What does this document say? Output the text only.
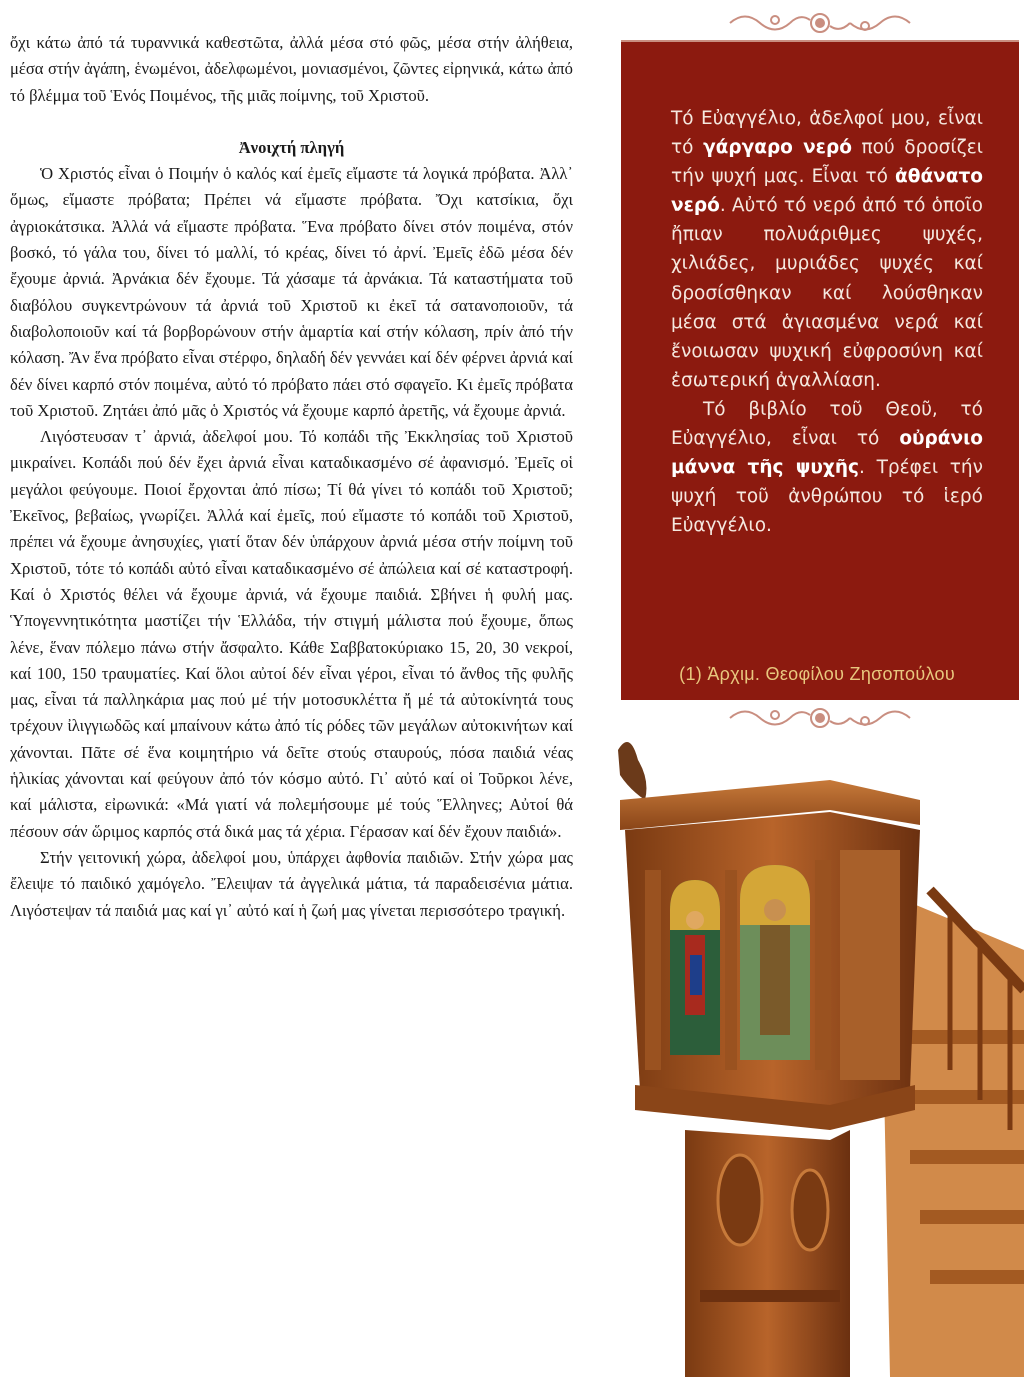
ὄχι κάτω ἀπό τά τυραννικά καθεστῶτα, ἀλλά μέσα στό φῶς, μέσα στήν ἀλήθεια, μέσα στήν ἀγάπη, ἑνωμένοι, ἀδελφωμένοι, μονιασμένοι, ζῶντες εἰρηνικά, κάτω ἀπό τό βλέμμα τοῦ Ἑνός Ποιμένος, τῆς μιᾶς ποίμνης, τοῦ Χριστοῦ.

Ἀνοιχτή πληγή

Ὁ Χριστός εἶναι ὁ Ποιμήν ὁ καλός καί ἐμεῖς εἴμαστε τά λογικά πρόβατα. Ἀλλ᾿ ὅμως, εἴμαστε πρόβατα; Πρέπει νά εἴμαστε πρόβατα. Ὄχι κατσίκια, ὄχι ἀγριοκάτσικα. Ἀλλά νά εἴμαστε πρόβατα. Ἕνα πρόβατο δίνει στόν ποιμένα, στόν βοσκό, τό γάλα του, δίνει τό μαλλί, τό κρέας, δίνει τό ἀρνί. Ἐμεῖς ἐδῶ μέσα δέν ἔχουμε ἀρνιά. Ἀρνάκια δέν ἔχουμε. Τά χάσαμε τά ἀρνάκια. Τά καταστήματα τοῦ διαβόλου συγκεντρώνουν τά ἀρνιά τοῦ Χριστοῦ κι ἐκεῖ τά σατανοποιοῦν, τά διαβολοποιοῦν καί τά βορβορώνουν στήν ἁμαρτία καί στήν κόλαση, πρίν ἀπό τήν κόλαση. Ἄν ἕνα πρόβατο εἶναι στέρφο, δηλαδή δέν γεννάει καί δέν φέρνει ἀρνιά καί δέν δίνει καρπό στόν ποιμένα, αὐτό τό πρόβατο πάει στό σφαγεῖο. Κι ἐμεῖς πρόβατα τοῦ Χριστοῦ. Ζητάει ἀπό μᾶς ὁ Χριστός νά ἔχουμε καρπό ἀρετῆς, νά ἔχουμε ἀρνιά.

Λιγόστευσαν τ᾿ ἀρνιά, ἀδελφοί μου. Τό κοπάδι τῆς Ἐκκλησίας τοῦ Χριστοῦ μικραίνει. Κοπάδι πού δέν ἔχει ἀρνιά εἶναι καταδικασμένο σέ ἀφανισμό. Ἐμεῖς οἱ μεγάλοι φεύγουμε. Ποιοί ἔρχονται ἀπό πίσω; Τί θά γίνει τό κοπάδι τοῦ Χριστοῦ; Ἐκεῖνος, βεβαίως, γνωρίζει. Ἀλλά καί ἐμεῖς, πού εἴμαστε τό κοπάδι τοῦ Χριστοῦ, πρέπει νά ἔχουμε ἀνησυχίες, γιατί ὅταν δέν ὑπάρχουν ἀρνιά μέσα στήν ποίμνη τοῦ Χριστοῦ, τότε τό κοπάδι αὐτό εἶναι καταδικασμένο σέ ἀπώλεια καί σέ καταστροφή. Καί ὁ Χριστός θέλει νά ἔχουμε ἀρνιά, νά ἔχουμε παιδιά. Σβήνει ἡ φυλή μας. Ὑπογεννητικότητα μαστίζει τήν Ἑλλάδα, τήν στιγμή μάλιστα πού ἔχουμε, ὅπως λένε, ἕναν πόλεμο πάνω στήν ἄσφαλτο. Κάθε Σαββατοκύριακο 15, 20, 30 νεκροί, καί 100, 150 τραυματίες. Καί ὅλοι αὐτοί δέν εἶναι γέροι, εἶναι τό ἄνθος τῆς φυλῆς μας, εἶναι τά παλληκάρια μας πού μέ τήν μοτοσυκλέττα ἤ μέ τά αὐτοκίνητά τους τρέχουν ἰλιγγιωδῶς καί μπαίνουν κάτω ἀπό τίς ρόδες τῶν μεγάλων αὐτοκινήτων καί χάνονται. Πᾶτε σέ ἕνα κοιμητήριο νά δεῖτε στούς σταυρούς, πόσα παιδιά νέας ἡλικίας χάνονται καί φεύγουν ἀπό τόν κόσμο αὐτό. Γι᾿ αὐτό καί οἱ Τοῦρκοι λένε, καί μάλιστα, εἰρωνικά: «Μά γιατί νά πολεμήσουμε μέ τούς Ἕλληνες; Αὐτοί θά πέσουν σάν ὥριμος καρπός στά δικά μας τά χέρια. Γέρασαν καί δέν ἔχουν παιδιά».

Στήν γειτονική χώρα, ἀδελφοί μου, ὑπάρχει ἀφθονία παιδιῶν. Στήν χώρα μας ἔλειψε τό παιδικό χαμόγελο. Ἔλειψαν τά ἀγγελικά μάτια, τά παραδεισένια μάτια. Λιγόστεψαν τά παιδιά μας καί γι᾿ αὐτό καί ἡ ζωή μας γίνεται περισσότερο τραγική.

Τό Εὐαγγέλιο, ἀδελφοί μου, εἶναι τό γάργαρο νερό πού δροσίζει τήν ψυχή μας. Εἶναι τό ἀθάνατο νερό. Αὐτό τό νερό ἀπό τό ὁποῖο ἤπιαν πολυάριθμες ψυχές, χιλιάδες, μυριάδες ψυχές καί δροσίσθηκαν καί λούσθηκαν μέσα στά ἁγιασμένα νερά καί ἔνοιωσαν ψυχική εὐφροσύνη καί ἐσωτερική ἀγαλλίαση.

Τό βιβλίο τοῦ Θεοῦ, τό Εὐαγγέλιο, εἶναι τό οὐράνιο μάννα τῆς ψυχῆς. Τρέφει τήν ψυχή τοῦ ἀνθρώπου τό ἱερό Εὐαγγέλιο.

(1) Ἀρχιμ. Θεοφίλου Ζησοπούλου
